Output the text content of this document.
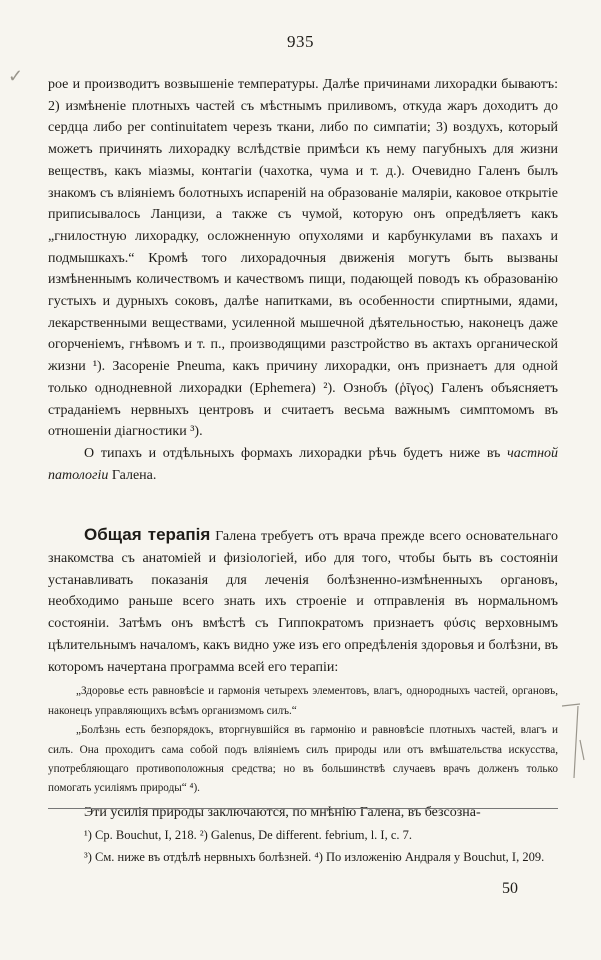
935
✓ рое и производитъ возвышеніе температуры. Далѣе причинами лихорадки бываютъ: 2) измѣненіе плотныхъ частей съ мѣстнымъ приливомъ, откуда жаръ доходитъ до сердца либо per continuitatem черезъ ткани, либо по симпатіи; 3) воздухъ, который можетъ причинять лихорадку вслѣдствіе примѣси къ нему пагубныхъ для жизни веществъ, какъ міазмы, контагіи (чахотка, чума и т. д.). Очевидно Галенъ былъ знакомъ съ вліяніемъ болотныхъ испареній на образованіе маляріи, каковое открытіе приписывалось Ланцизи, а также съ чумой, которую онъ опредѣляетъ какъ „гнилостную лихорадку, осложненную опухолями и карбункулами въ пахахъ и подмышкахъ.“ Кромѣ того лихорадочныя движенія могутъ быть вызваны измѣненнымъ количествомъ и качествомъ пищи, подающей поводъ къ образованію густыхъ и дурныхъ соковъ, далѣе напитками, въ особенности спиртными, ядами, лекарственными веществами, усиленной мышечной дѣятельностью, наконецъ даже огорченіемъ, гнѣвомъ и т. п., производящими разстройство въ актахъ органической жизни ¹). Засореніе Pneuma, какъ причину лихорадки, онъ признаетъ для одной только однодневной лихорадки (Ephemera) ²). Ознобъ (ῥῖγος) Галенъ объясняетъ страданіемъ нервныхъ центровъ и считаетъ весьма важнымъ симптомомъ въ отношеніи діагностики ³).

О типахъ и отдѣльныхъ формахъ лихорадки рѣчь будетъ ниже въ частной патологіи Галена.

Общая терапія Галена требуетъ отъ врача прежде всего основательнаго знакомства съ анатоміей и физіологіей, ибо для того, чтобы быть въ состояніи устанавливать показанія для леченія болѣзненно-измѣненныхъ органовъ, необходимо раньше всего знать ихъ строеніе и отправленія въ нормальномъ состояніи. Затѣмъ онъ вмѣстѣ съ Гиппократомъ признаетъ φύσις верховнымъ цѣлительнымъ началомъ, какъ видно уже изъ его опредѣленія здоровья и болѣзни, въ которомъ начертана программа всей его терапіи:

„Здоровье есть равновѣсіе и гармонія четырехъ элементовъ, влагъ, однородныхъ частей, органовъ, наконецъ управляющихъ всѣмъ организмомъ силъ.“

„Болѣзнь есть безпорядокъ, вторгнувшійся въ гармонію и равновѣсіе плотныхъ частей, влагъ и силъ. Она проходитъ сама собой подъ вліяніемъ силъ природы или отъ вмѣшательства искусства, употребляющаго противоположныя средства; но въ большинствѣ случаевъ врачъ долженъ только помогать усиліямъ природы“ ⁴).

Эти усилія природы заключаются, по мнѣнію Галена, въ безсозна-

¹) Ср. Bouchut, I, 218. ²) Galenus, De different. febrium, l. I, c. 7.

³) См. ниже въ отдѣлѣ нервныхъ болѣзней. ⁴) По изложенію Андраля у Bouchut, I, 209.

50
